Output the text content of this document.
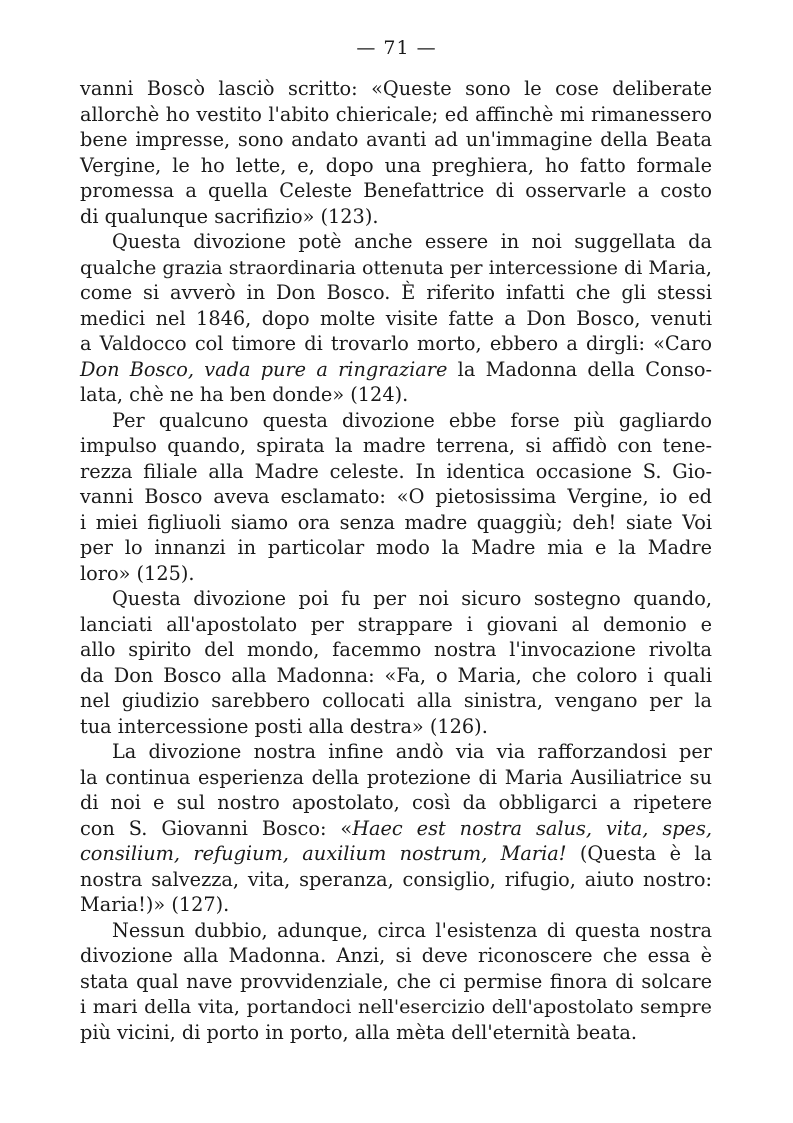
— 71 —
vanni Boscò lasciò scritto: «Queste sono le cose deliberate
allorchè ho vestito l'abito chiericale; ed affinchè mi rimanessero
bene impresse, sono andato avanti ad un'immagine della Beata
Vergine, le ho lette, e, dopo una preghiera, ho fatto formale
promessa a quella Celeste Benefattrice di osservarle a costo
di qualunque sacrifizio» (123).
Questa divozione potè anche essere in noi suggellata da
qualche grazia straordinaria ottenuta per intercessione di Maria,
come si avverò in Don Bosco. È riferito infatti che gli stessi
medici nel 1846, dopo molte visite fatte a Don Bosco, venuti
a Valdocco col timore di trovarlo morto, ebbero a dirgli: «Caro
Don Bosco, vada pure a ringraziare la Madonna della Conso-
lata, chè ne ha ben donde» (124).
Per qualcuno questa divozione ebbe forse più gagliardo
impulso quando, spirata la madre terrena, si affidò con tene-
rezza filiale alla Madre celeste. In identica occasione S. Gio-
vanni Bosco aveva esclamato: «O pietosissima Vergine, io ed
i miei figliuoli siamo ora senza madre quaggiù; deh! siate Voi
per lo innanzi in particolar modo la Madre mia e la Madre
loro» (125).
Questa divozione poi fu per noi sicuro sostegno quando,
lanciati all'apostolato per strappare i giovani al demonio e
allo spirito del mondo, facemmo nostra l'invocazione rivolta
da Don Bosco alla Madonna: «Fa, o Maria, che coloro i quali
nel giudizio sarebbero collocati alla sinistra, vengano per la
tua intercessione posti alla destra» (126).
La divozione nostra infine andò via via rafforzandosi per
la continua esperienza della protezione di Maria Ausiliatrice su
di noi e sul nostro apostolato, così da obbligarci a ripetere
con S. Giovanni Bosco: «Haec est nostra salus, vita, spes,
consilium, refugium, auxilium nostrum, Maria! (Questa è la
nostra salvezza, vita, speranza, consiglio, rifugio, aiuto nostro:
Maria!)» (127).
Nessun dubbio, adunque, circa l'esistenza di questa nostra
divozione alla Madonna. Anzi, si deve riconoscere che essa è
stata qual nave provvidenziale, che ci permise finora di solcare
i mari della vita, portandoci nell'esercizio dell'apostolato sempre
più vicini, di porto in porto, alla mèta dell'eternità beata.
